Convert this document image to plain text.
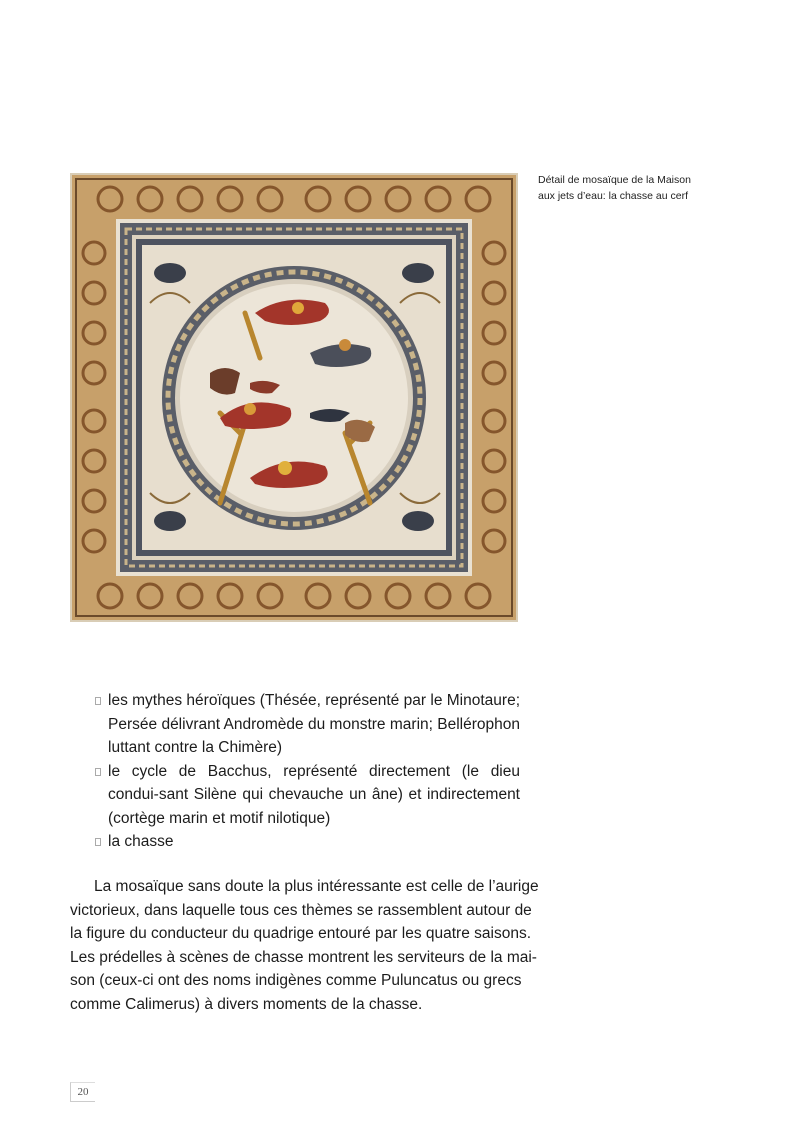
Détail de mosaïque de la Maison
aux jets d’eau: la chasse au cerf
les mythes héroïques (Thésée, représenté par le Minotaure; Persée délivrant Andromède du monstre marin; Bellérophon luttant contre la Chimère)
le cycle de Bacchus, représenté directement (le dieu condui-sant Silène qui chevauche un âne) et indirectement (cortège marin et motif nilotique)
la chasse

La mosaïque sans doute la plus intéressante est celle de l’aurige
victorieux, dans laquelle tous ces thèmes se rassemblent autour de
la figure du conducteur du quadrige entouré par les quatre saisons.
Les prédelles à scènes de chasse montrent les serviteurs de la mai-
son (ceux-ci ont des noms indigènes comme Puluncatus ou grecs
comme Calimerus) à divers moments de la chasse.

20
